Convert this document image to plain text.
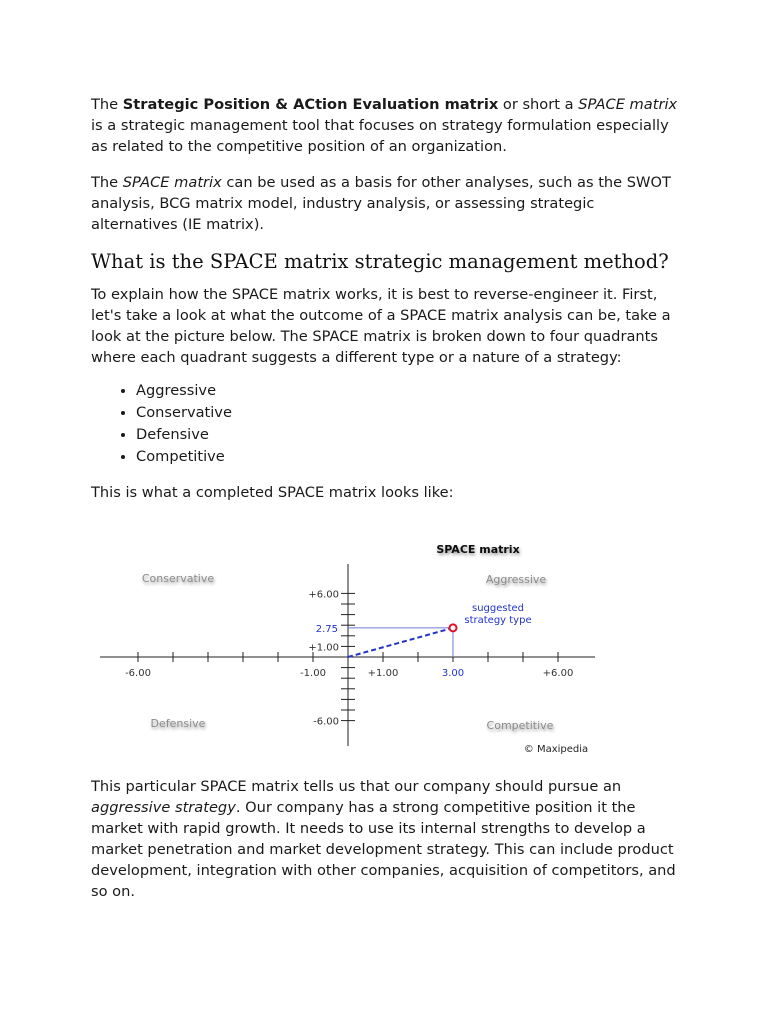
The Strategic Position & ACtion Evaluation matrix or short a SPACE matrix is a strategic management tool that focuses on strategy formulation especially as related to the competitive position of an organization.

The SPACE matrix can be used as a basis for other analyses, such as the SWOT analysis, BCG matrix model, industry analysis, or assessing strategic alternatives (IE matrix).

What is the SPACE matrix strategic management method?

To explain how the SPACE matrix works, it is best to reverse-engineer it. First, let's take a look at what the outcome of a SPACE matrix analysis can be, take a look at the picture below. The SPACE matrix is broken down to four quadrants where each quadrant suggests a different type or a nature of a strategy:

• Aggressive
• Conservative
• Defensive
• Competitive

This is what a completed SPACE matrix looks like:

SPACE matrix
Conservative	Aggressive
Defensive	Competitive
© Maxipedia
suggested
strategy type
-6.00	-1.00	+1.00	+6.00
+6.00
+1.00
-6.00
2.75
3.00

This particular SPACE matrix tells us that our company should pursue an aggressive strategy. Our company has a strong competitive position it the market with rapid growth. It needs to use its internal strengths to develop a market penetration and market development strategy. This can include product development, integration with other companies, acquisition of competitors, and so on.
